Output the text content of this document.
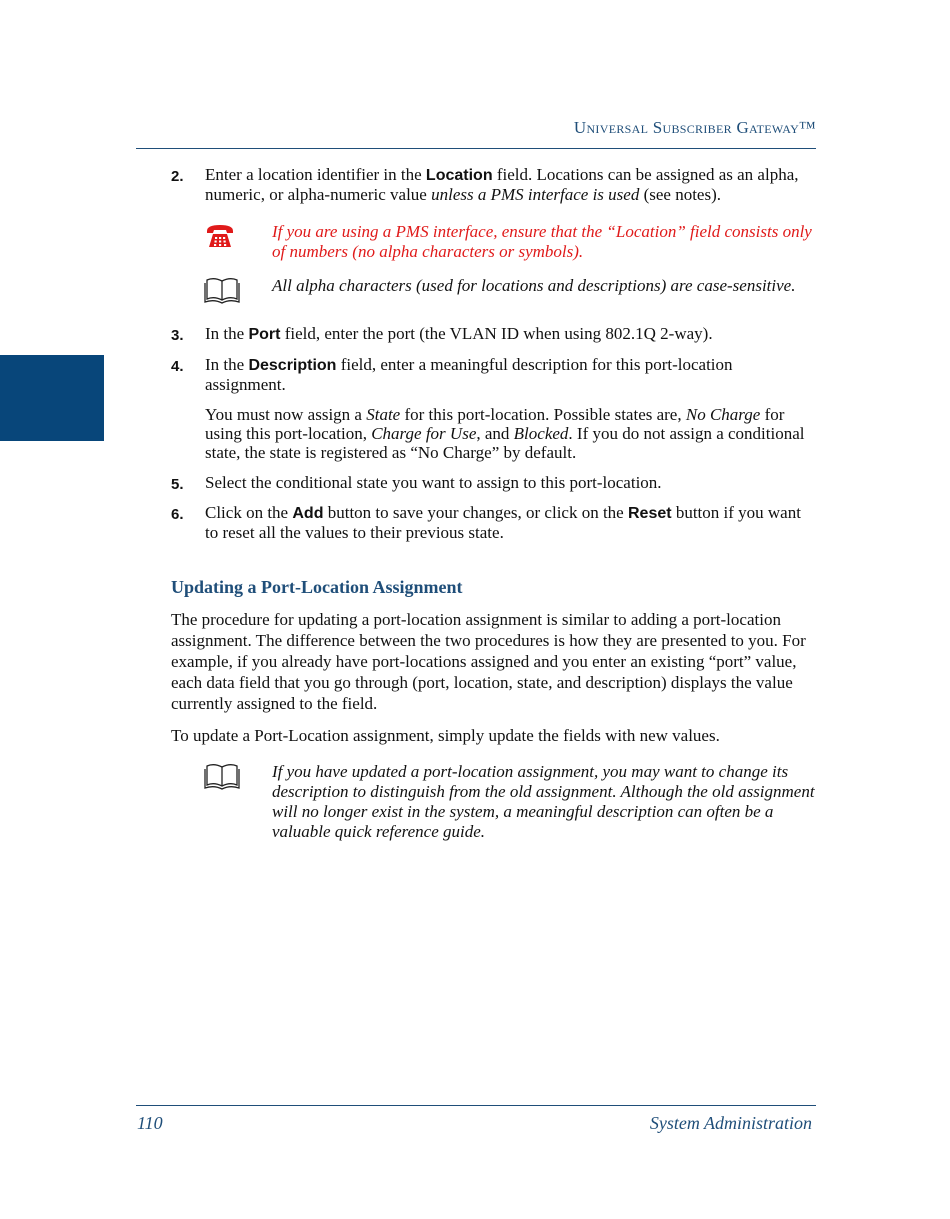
Universal Subscriber Gateway™
2. Enter a location identifier in the Location field. Locations can be assigned as an alpha, numeric, or alpha-numeric value unless a PMS interface is used (see notes).
If you are using a PMS interface, ensure that the “Location” field consists only of numbers (no alpha characters or symbols).
All alpha characters (used for locations and descriptions) are case-sensitive.
3. In the Port field, enter the port (the VLAN ID when using 802.1Q 2-way).
4. In the Description field, enter a meaningful description for this port-location assignment.
You must now assign a State for this port-location. Possible states are, No Charge for using this port-location, Charge for Use, and Blocked. If you do not assign a conditional state, the state is registered as “No Charge” by default.
5. Select the conditional state you want to assign to this port-location.
6. Click on the Add button to save your changes, or click on the Reset button if you want to reset all the values to their previous state.
Updating a Port-Location Assignment
The procedure for updating a port-location assignment is similar to adding a port-location assignment. The difference between the two procedures is how they are presented to you. For example, if you already have port-locations assigned and you enter an existing “port” value, each data field that you go through (port, location, state, and description) displays the value currently assigned to the field.
To update a Port-Location assignment, simply update the fields with new values.
If you have updated a port-location assignment, you may want to change its description to distinguish from the old assignment. Although the old assignment will no longer exist in the system, a meaningful description can often be a valuable quick reference guide.
110	System Administration
